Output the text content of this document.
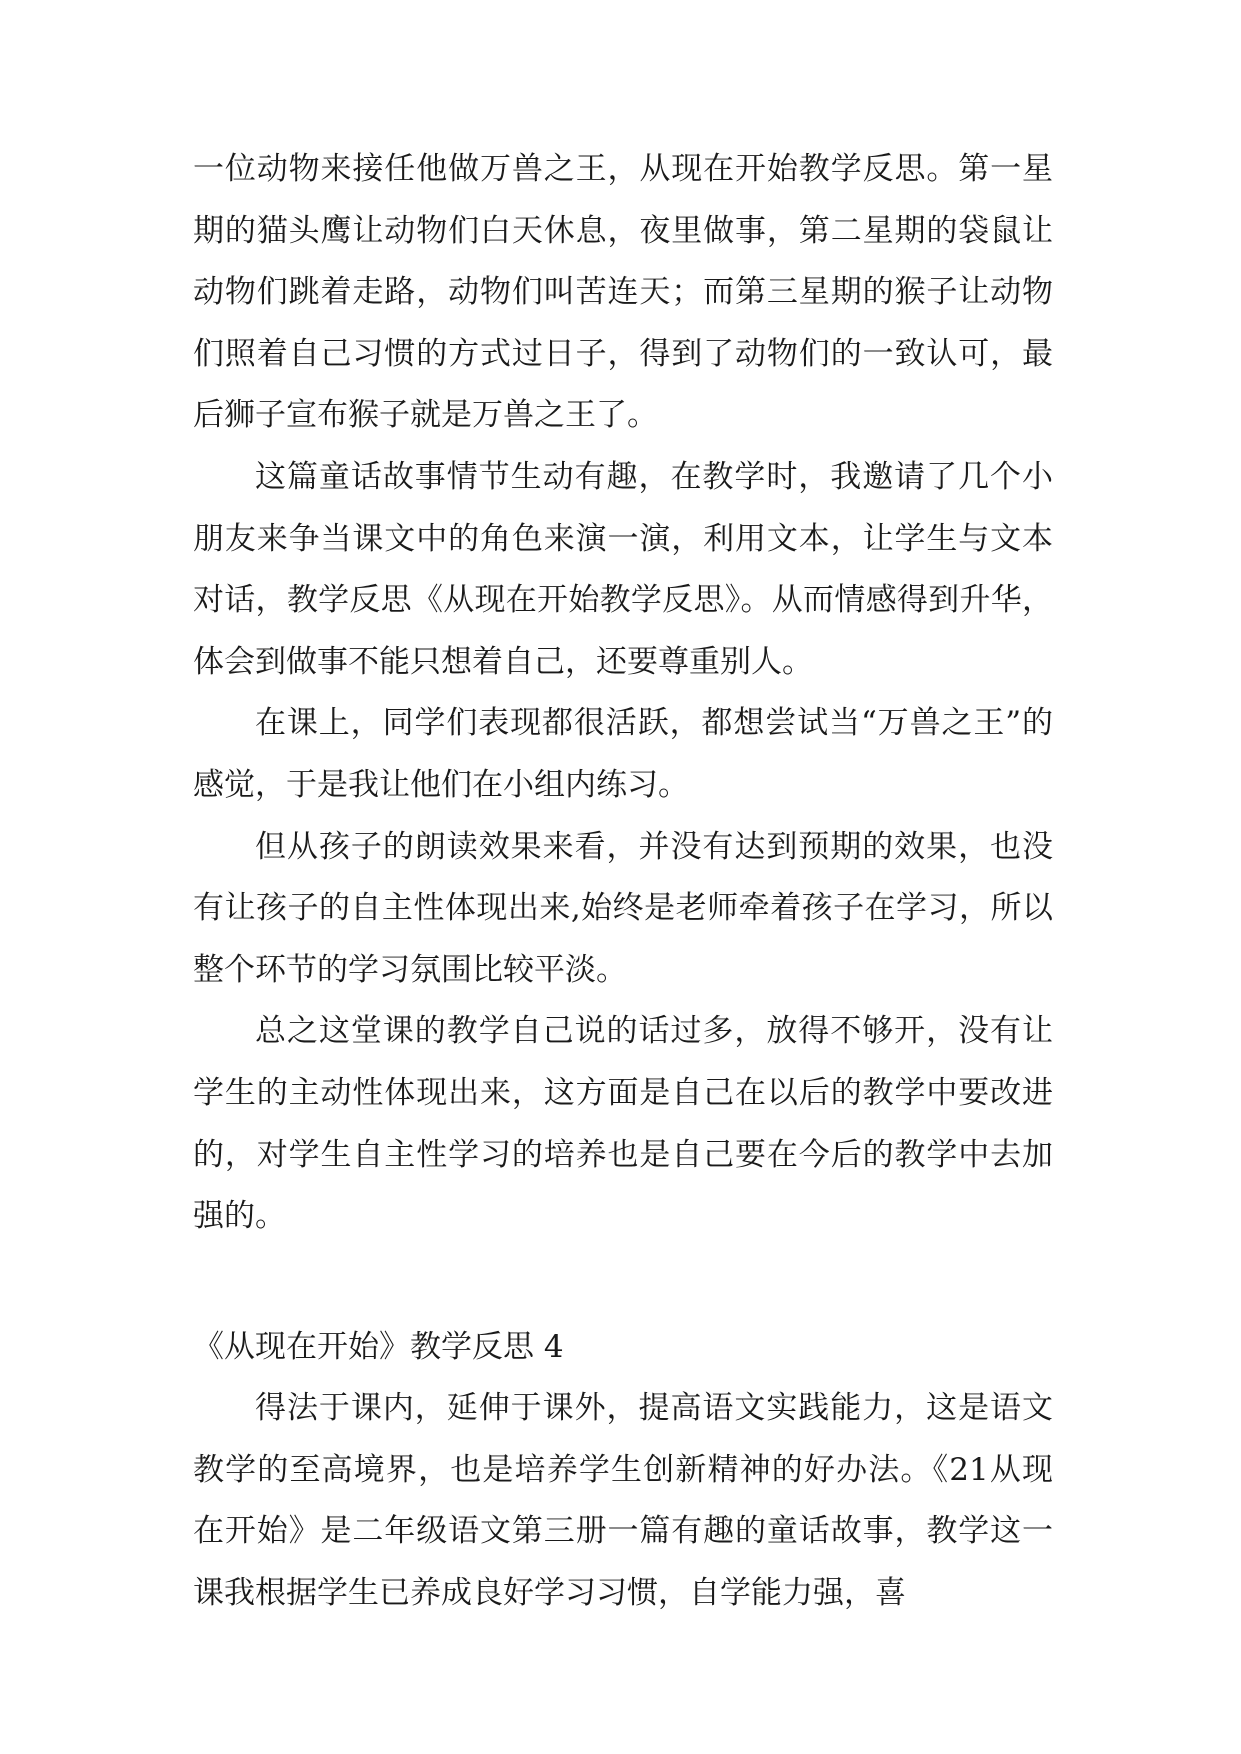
一位动物来接任他做万兽之王，从现在开始教学反思。第一星期的猫头鹰让动物们白天休息，夜里做事，第二星期的袋鼠让动物们跳着走路，动物们叫苦连天；而第三星期的猴子让动物们照着自己习惯的方式过日子，得到了动物们的一致认可，最后狮子宣布猴子就是万兽之王了。

这篇童话故事情节生动有趣，在教学时，我邀请了几个小朋友来争当课文中的角色来演一演，利用文本，让学生与文本对话，教学反思《从现在开始教学反思》。从而情感得到升华，体会到做事不能只想着自己，还要尊重别人。

在课上，同学们表现都很活跃，都想尝试当“万兽之王”的感觉，于是我让他们在小组内练习。

但从孩子的朗读效果来看，并没有达到预期的效果，也没有让孩子的自主性体现出来,始终是老师牵着孩子在学习，所以整个环节的学习氛围比较平淡。

总之这堂课的教学自己说的话过多，放得不够开，没有让学生的主动性体现出来，这方面是自己在以后的教学中要改进的，对学生自主性学习的培养也是自己要在今后的教学中去加强的。

《从现在开始》教学反思 4

得法于课内，延伸于课外，提高语文实践能力，这是语文教学的至高境界，也是培养学生创新精神的好办法。《21从现在开始》是二年级语文第三册一篇有趣的童话故事，教学这一课我根据学生已养成良好学习习惯，自学能力强，喜
